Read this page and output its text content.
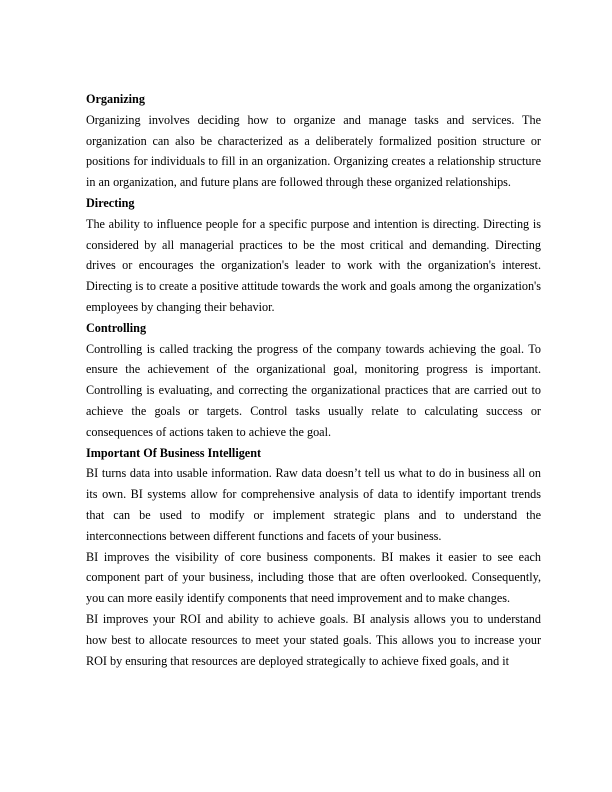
Organizing

Organizing involves deciding how to organize and manage tasks and services. The organization can also be characterized as a deliberately formalized position structure or positions for individuals to fill in an organization. Organizing creates a relationship structure in an organization, and future plans are followed through these organized relationships.

Directing

The ability to influence people for a specific purpose and intention is directing. Directing is considered by all managerial practices to be the most critical and demanding. Directing drives or encourages the organization's leader to work with the organization's interest. Directing is to create a positive attitude towards the work and goals among the organization's employees by changing their behavior.

Controlling

Controlling is called tracking the progress of the company towards achieving the goal. To ensure the achievement of the organizational goal, monitoring progress is important. Controlling is evaluating, and correcting the organizational practices that are carried out to achieve the goals or targets. Control tasks usually relate to calculating success or consequences of actions taken to achieve the goal.

Important Of Business Intelligent

BI turns data into usable information. Raw data doesn’t tell us what to do in business all on its own. BI systems allow for comprehensive analysis of data to identify important trends that can be used to modify or implement strategic plans and to understand the interconnections between different functions and facets of your business.

BI improves the visibility of core business components. BI makes it easier to see each component part of your business, including those that are often overlooked. Consequently, you can more easily identify components that need improvement and to make changes.

BI improves your ROI and ability to achieve goals. BI analysis allows you to understand how best to allocate resources to meet your stated goals. This allows you to increase your ROI by ensuring that resources are deployed strategically to achieve fixed goals, and it
